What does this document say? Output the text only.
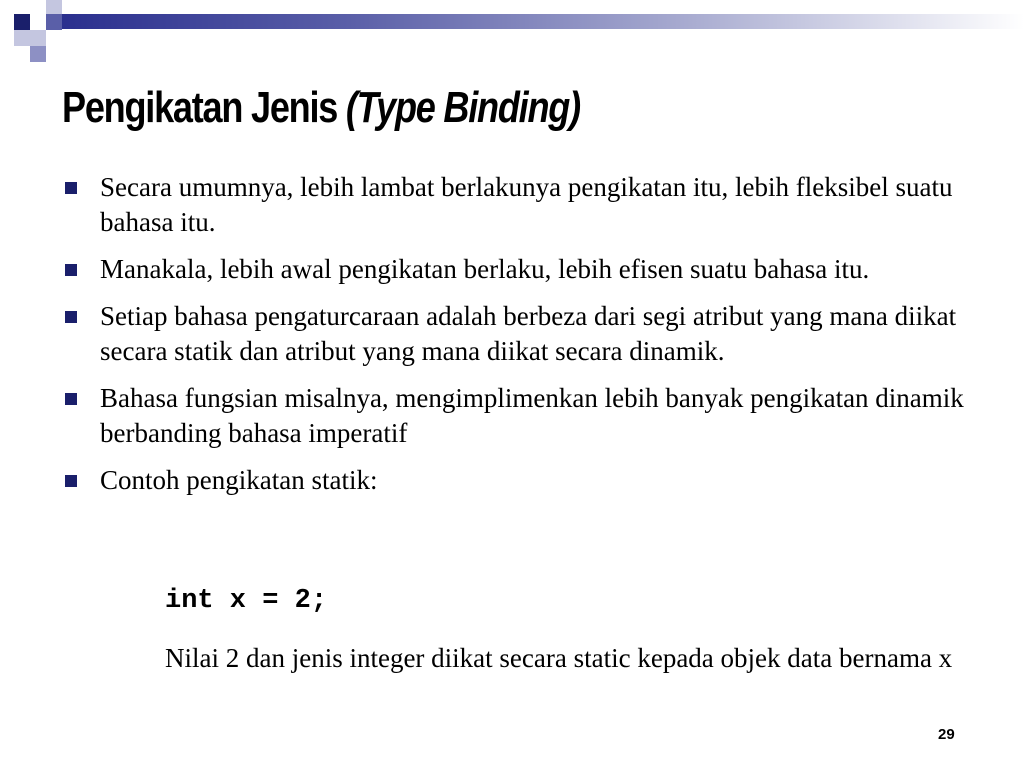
Pengikatan Jenis (Type Binding)
Secara umumnya, lebih lambat berlakunya pengikatan itu, lebih fleksibel suatu bahasa itu.
Manakala, lebih awal pengikatan berlaku, lebih efisen suatu bahasa itu.
Setiap bahasa pengaturcaraan adalah berbeza dari segi atribut yang mana diikat secara statik dan atribut yang mana diikat secara dinamik.
Bahasa fungsian misalnya, mengimplimenkan lebih banyak pengikatan dinamik berbanding bahasa imperatif
Contoh pengikatan statik:

int x = 2;

Nilai 2 dan jenis integer diikat secara static kepada objek data bernama x

29
